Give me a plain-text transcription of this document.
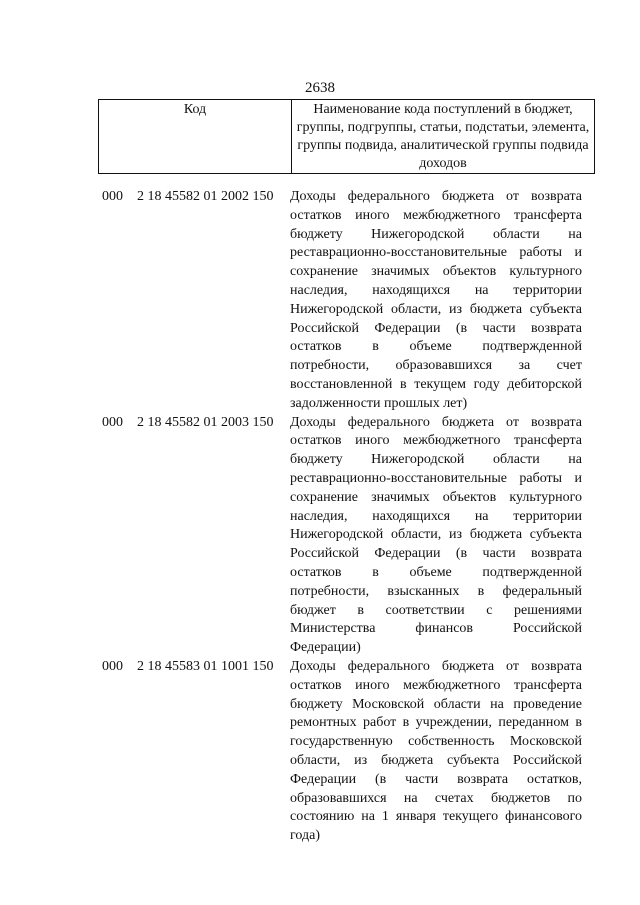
2638
Код	Наименование кода поступлений в бюджет, группы, подгруппы, статьи, подстатьи, элемента, группы подвида, аналитической группы подвида доходов
000	2 18 45582 01 2002 150	Доходы федерального бюджета от возврата остатков иного межбюджетного трансферта бюджету Нижегородской области на реставрационно-восстановительные работы и сохранение значимых объектов культурного наследия, находящихся на территории Нижегородской области, из бюджета субъекта Российской Федерации (в части возврата остатков в объеме подтвержденной потребности, образовавшихся за счет восстановленной в текущем году дебиторской задолженности прошлых лет)
000	2 18 45582 01 2003 150	Доходы федерального бюджета от возврата остатков иного межбюджетного трансферта бюджету Нижегородской области на реставрационно-восстановительные работы и сохранение значимых объектов культурного наследия, находящихся на территории Нижегородской области, из бюджета субъекта Российской Федерации (в части возврата остатков в объеме подтвержденной потребности, взысканных в федеральный бюджет в соответствии с решениями Министерства финансов Российской Федерации)
000	2 18 45583 01 1001 150	Доходы федерального бюджета от возврата остатков иного межбюджетного трансферта бюджету Московской области на проведение ремонтных работ в учреждении, переданном в государственную собственность Московской области, из бюджета субъекта Российской Федерации (в части возврата остатков, образовавшихся на счетах бюджетов по состоянию на 1 января текущего финансового года)
